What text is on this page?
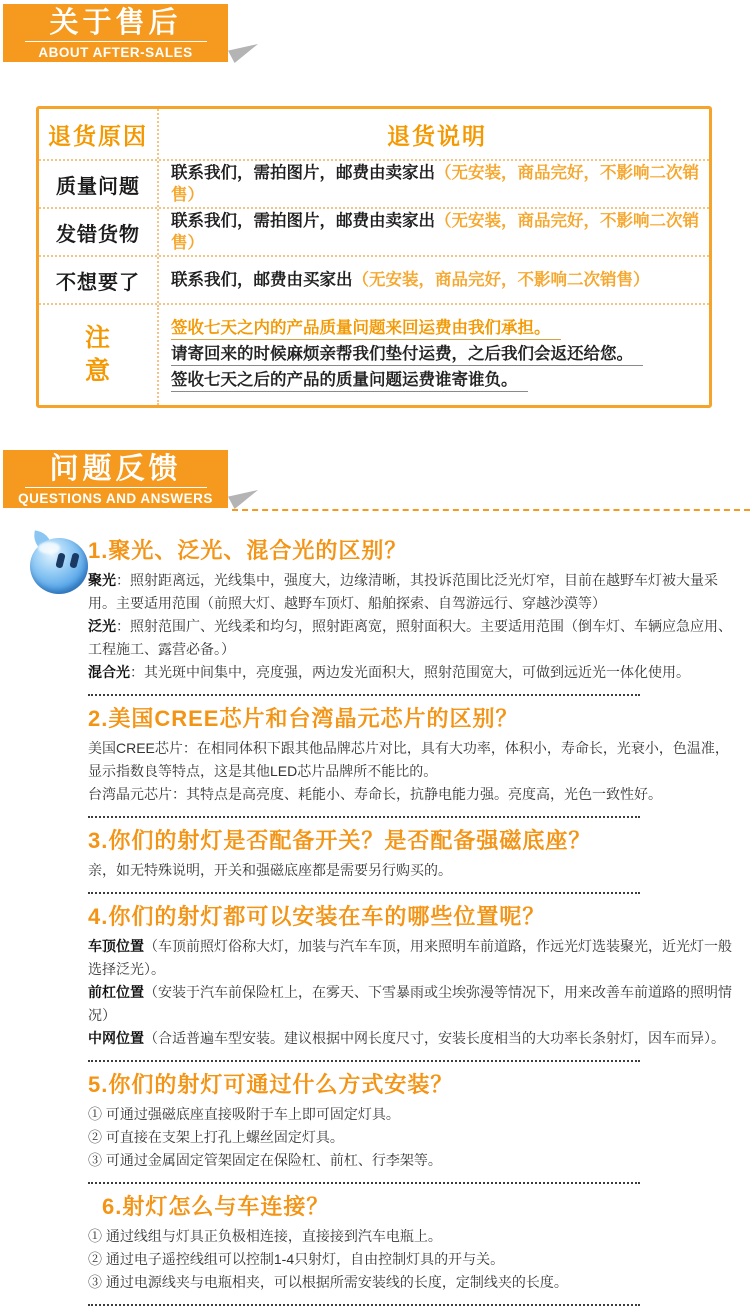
关于售后
ABOUT AFTER-SALES
退货原因	退货说明
质量问题
联系我们，需拍图片，邮费由卖家出（无安装，商品完好，不影响二次销售）
发错货物
联系我们，需拍图片，邮费由卖家出（无安装，商品完好，不影响二次销售）
不想要了	联系我们，邮费由买家出（无安装，商品完好，不影响二次销售）
注
意
签收七天之内的产品质量问题来回运费由我们承担。
请寄回来的时候麻烦亲帮我们垫付运费，之后我们会返还给您。
签收七天之后的产品的质量问题运费谁寄谁负。
问题反馈
QUESTIONS AND ANSWERS
1.聚光、泛光、混合光的区别？

聚光：照射距离远，光线集中，强度大，边缘清晰，其投诉范围比泛光灯窄，目前在越野车灯被大量采用。主要适用范围（前照大灯、越野车顶灯、船舶探索、自驾游远行、穿越沙漠等）

泛光：照射范围广、光线柔和均匀，照射距离宽，照射面积大。主要适用范围（倒车灯、车辆应急应用、工程施工、露营必备。）

混合光：其光斑中间集中，亮度强，两边发光面积大，照射范围宽大，可做到远近光一体化使用。

2.美国CREE芯片和台湾晶元芯片的区别？

美国CREE芯片：在相同体积下跟其他品牌芯片对比，具有大功率，体积小，寿命长，光衰小，色温准，显示指数良等特点，这是其他LED芯片品牌所不能比的。

台湾晶元芯片：其特点是高亮度、耗能小、寿命长，抗静电能力强。亮度高，光色一致性好。

3.你们的射灯是否配备开关？是否配备强磁底座？

亲，如无特殊说明，开关和强磁底座都是需要另行购买的。

4.你们的射灯都可以安装在车的哪些位置呢？

车顶位置（车顶前照灯俗称大灯，加装与汽车车顶，用来照明车前道路，作远光灯选装聚光，近光灯一般选择泛光）。

前杠位置（安装于汽车前保险杠上，在雾天、下雪暴雨或尘埃弥漫等情况下，用来改善车前道路的照明情况）

中网位置（合适普遍车型安装。建议根据中网长度尺寸，安装长度相当的大功率长条射灯，因车而异）。

5.你们的射灯可通过什么方式安装？

① 可通过强磁底座直接吸附于车上即可固定灯具。

② 可直接在支架上打孔上螺丝固定灯具。

③ 可通过金属固定管架固定在保险杠、前杠、行李架等。

6.射灯怎么与车连接？

① 通过线组与灯具正负极相连接，直接接到汽车电瓶上。

② 通过电子遥控线组可以控制1-4只射灯，自由控制灯具的开与关。

③ 通过电源线夹与电瓶相夹，可以根据所需安装线的长度，定制线夹的长度。
